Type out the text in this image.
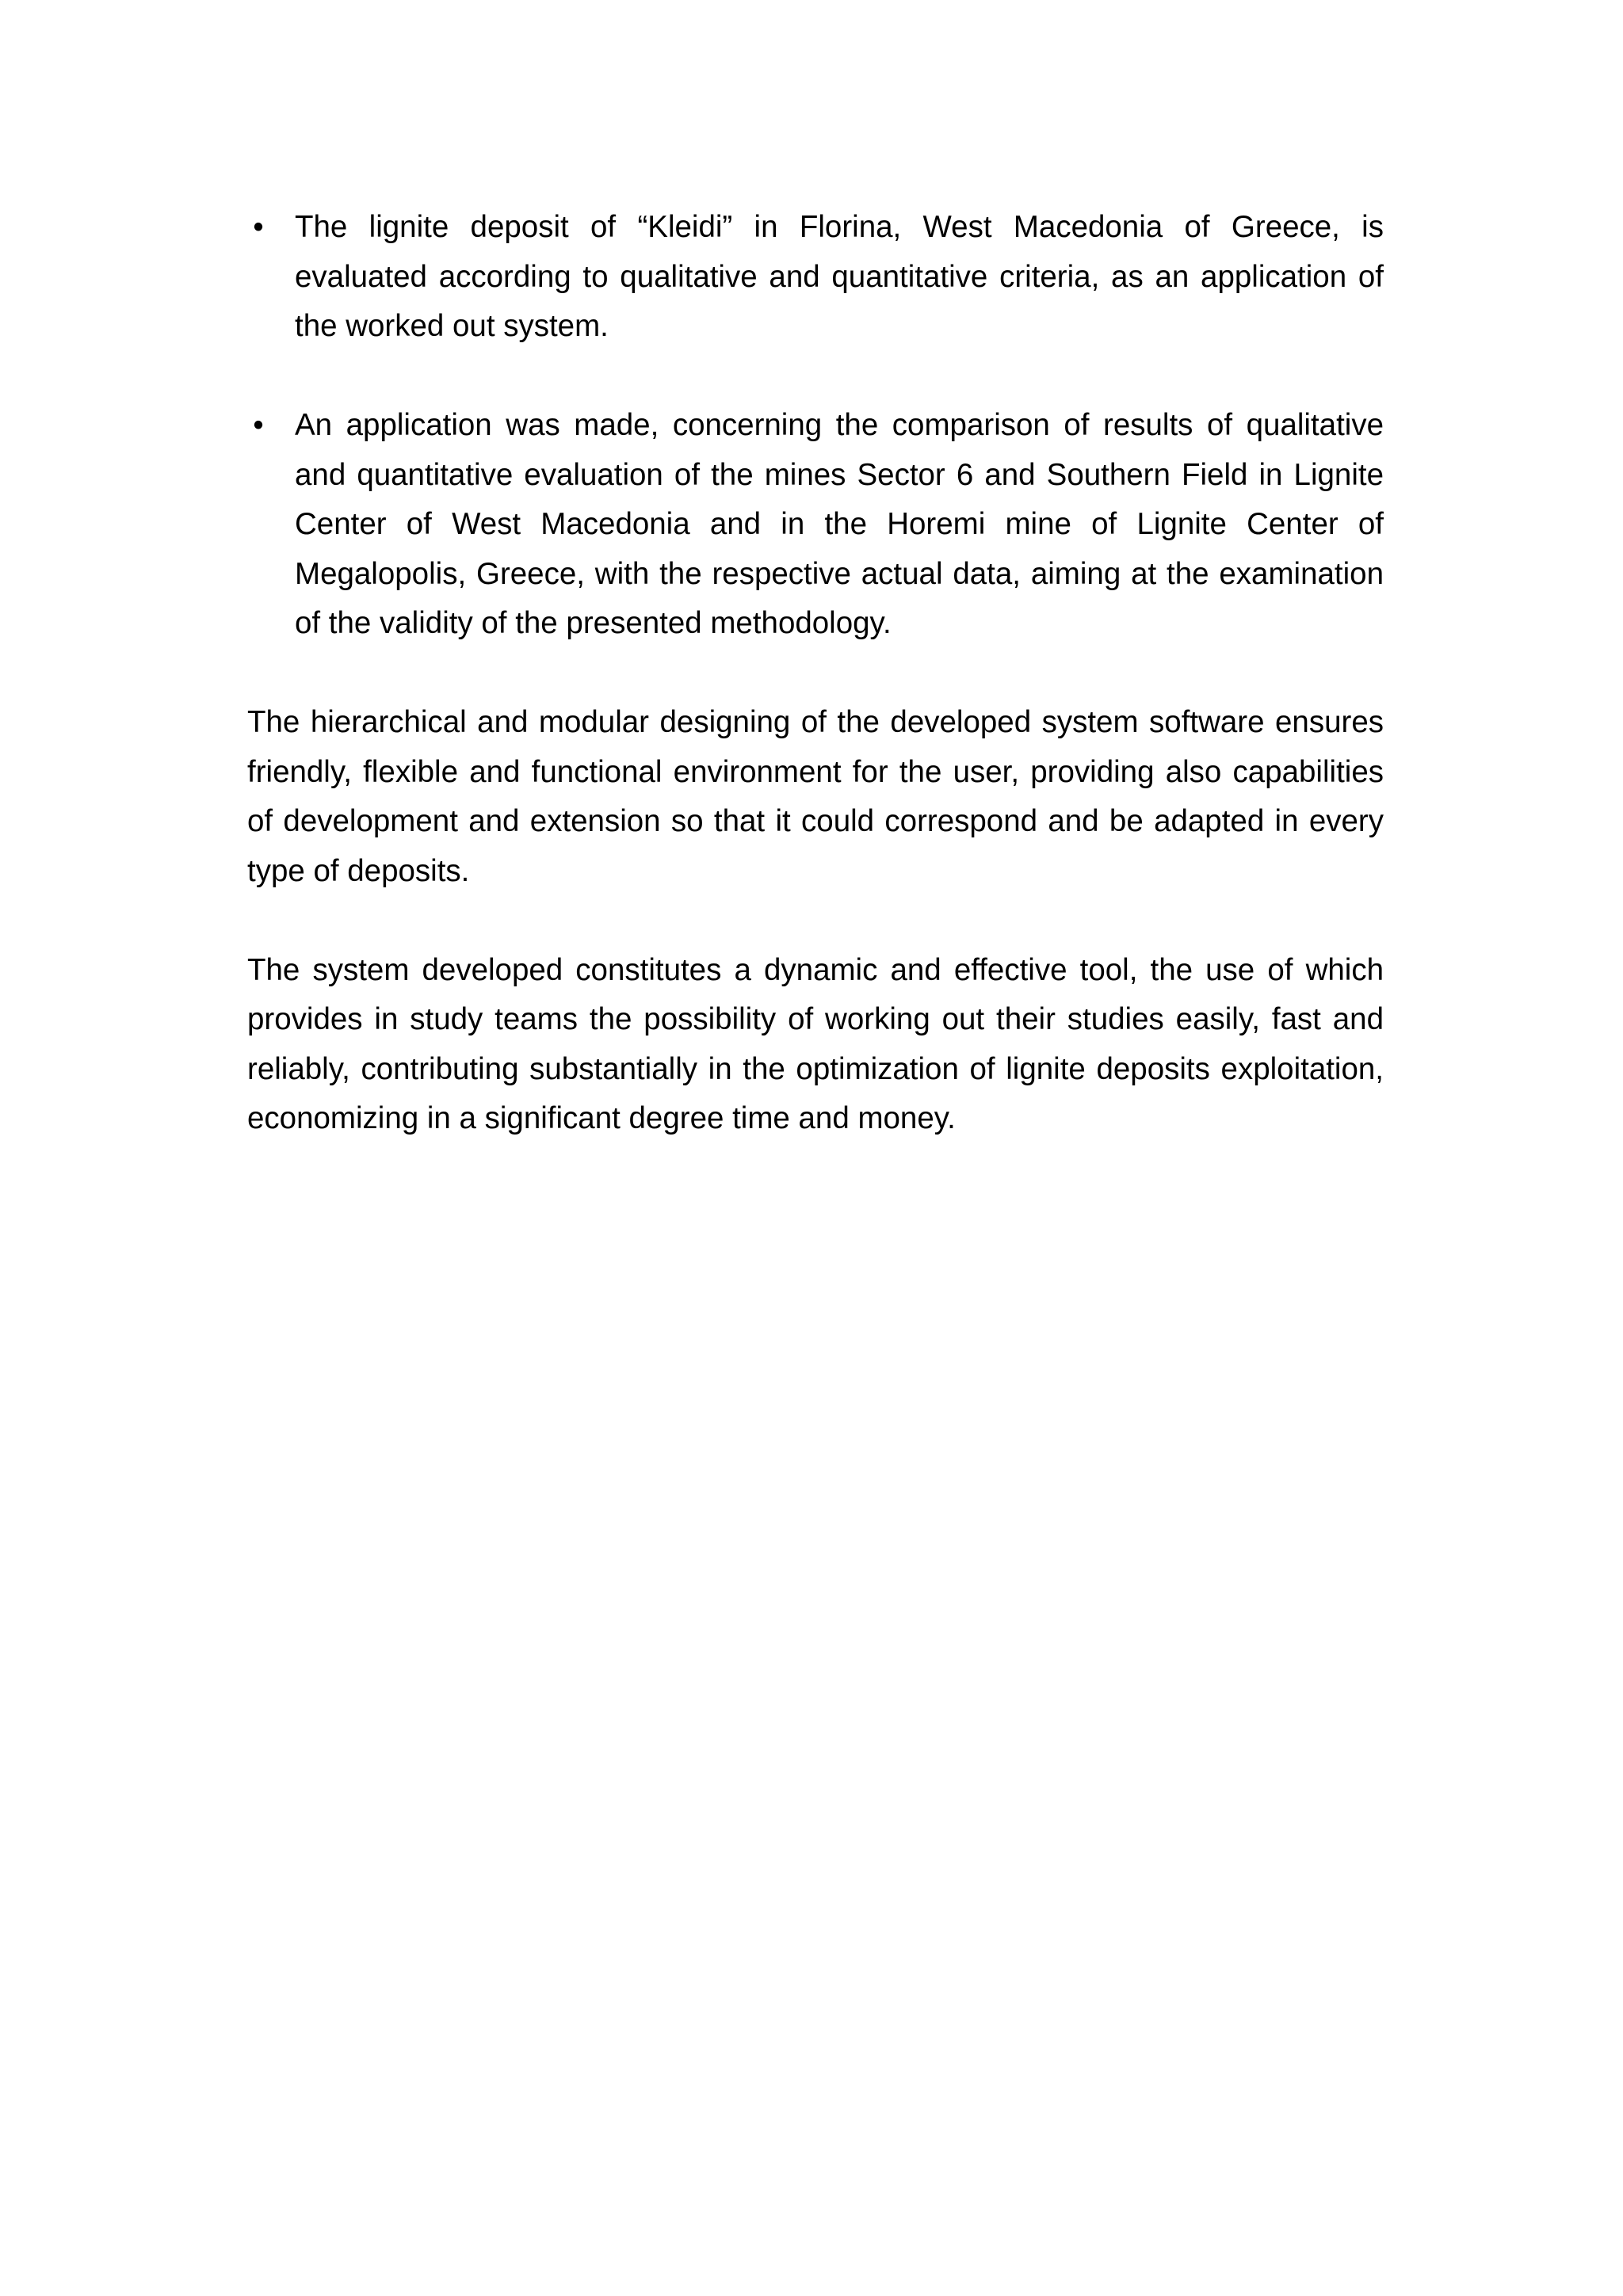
• The lignite deposit of “Kleidi” in Florina, West Macedonia of Greece, is evaluated according to qualitative and quantitative criteria, as an application of the worked out system.
• An application was made, concerning the comparison of results of qualitative and quantitative evaluation of the mines Sector 6 and Southern Field in Lignite Center of West Macedonia and in the Horemi mine of Lignite Center of Megalopolis, Greece, with the respective actual data, aiming at the examination of the validity of the presented methodology.

The hierarchical and modular designing of the developed system software ensures friendly, flexible and functional environment for the user, providing also capabilities of development and extension so that it could correspond and be adapted in every type of deposits.

The system developed constitutes a dynamic and effective tool, the use of which provides in study teams the possibility of working out their studies easily, fast and reliably, contributing substantially in the optimization of lignite deposits exploitation, economizing in a significant degree time and money.
